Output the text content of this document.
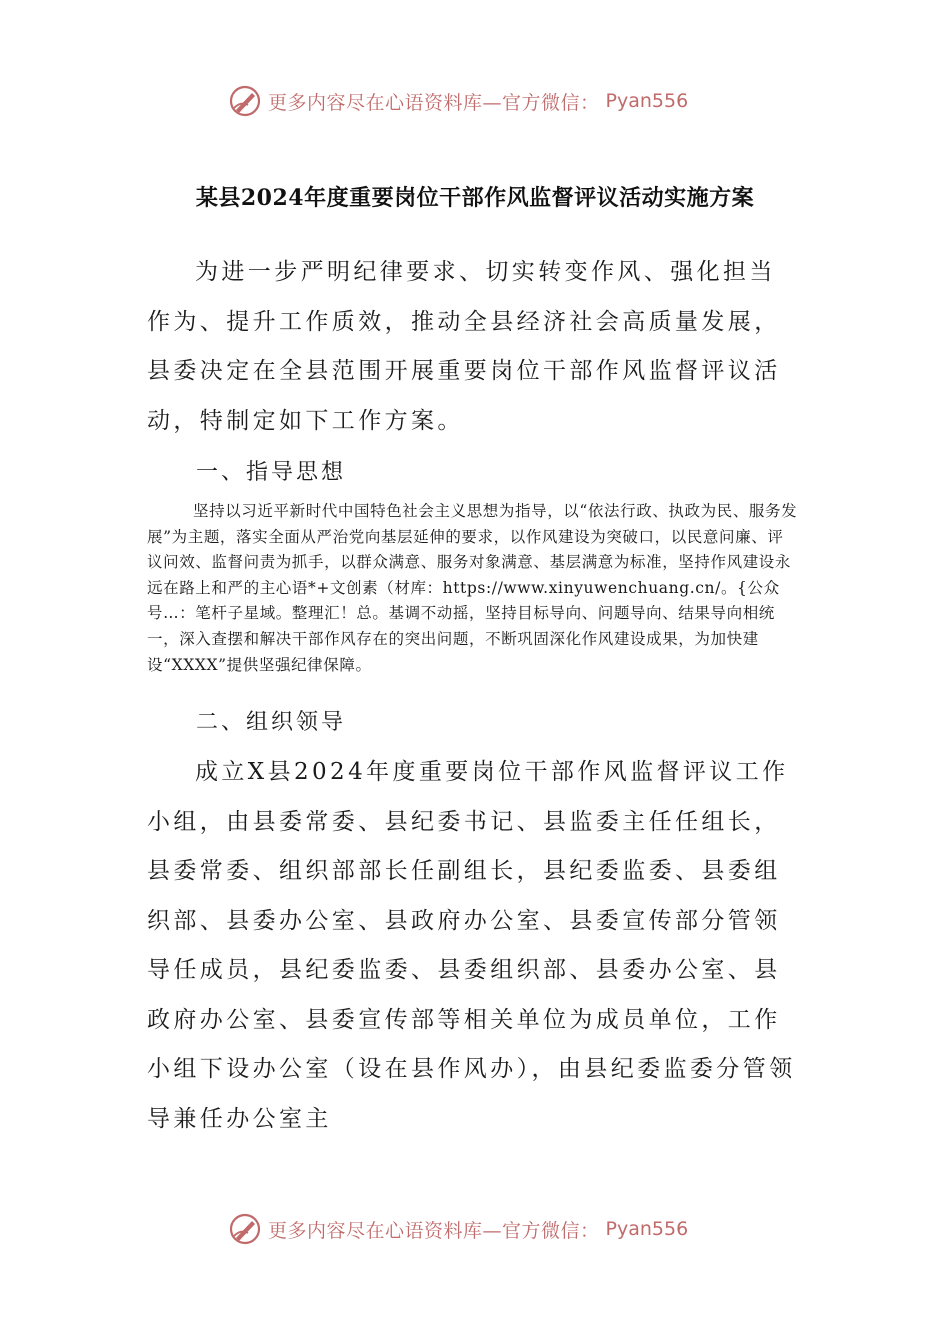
更多内容尽在心语资料库—官方微信： Pyan556
某县2024年度重要岗位干部作风监督评议活动实施方案

为进一步严明纪律要求、切实转变作风、强化担当作为、提升工作质效，推动全县经济社会高质量发展，县委决定在全县范围开展重要岗位干部作风监督评议活动，特制定如下工作方案。

一、指导思想

坚持以习近平新时代中国特色社会主义思想为指导，以“依法行政、执政为民、服务发展”为主题，落实全面从严治党向基层延伸的要求，以作风建设为突破口，以民意问廉、评议问效、监督问责为抓手，以群众满意、服务对象满意、基层满意为标准，坚持作风建设永远在路上和严的主心语*+文创素（材库：https://www.xinyuwenchuang.cn/。{公众号…：笔杆子星域。整理汇！总。基调不动摇，坚持目标导向、问题导向、结果导向相统一，深入查摆和解决干部作风存在的突出问题，不断巩固深化作风建设成果，为加快建设“XXXX”提供坚强纪律保障。

二、组织领导

成立X县2024年度重要岗位干部作风监督评议工作小组，由县委常委、县纪委书记、县监委主任任组长，县委常委、组织部部长任副组长，县纪委监委、县委组织部、县委办公室、县政府办公室、县委宣传部分管领导任成员，县纪委监委、县委组织部、县委办公室、县政府办公室、县委宣传部等相关单位为成员单位，工作小组下设办公室（设在县作风办），由县纪委监委分管领导兼任办公室主

更多内容尽在心语资料库—官方微信： Pyan556
